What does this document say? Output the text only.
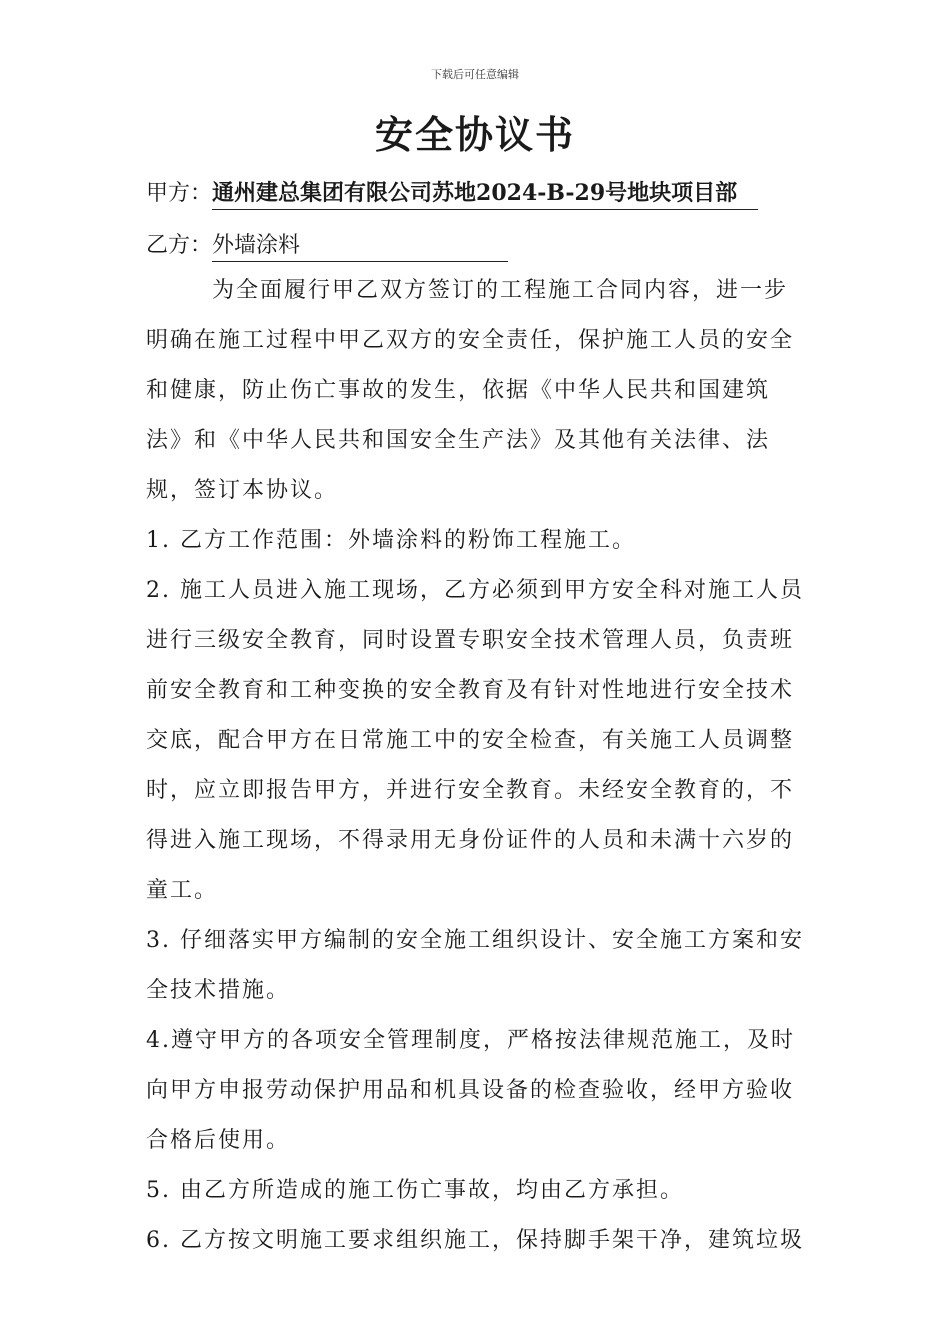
下载后可任意编辑
安全协议书
甲方：通州建总集团有限公司苏地2024-B-29号地块项目部
乙方：外墙涂料

为全面履行甲乙双方签订的工程施工合同内容，进一步明确在施工过程中甲乙双方的安全责任，保护施工人员的安全和健康，防止伤亡事故的发生，依据《中华人民共和国建筑法》和《中华人民共和国安全生产法》及其他有关法律、法规，签订本协议。

1. 乙方工作范围：外墙涂料的粉饰工程施工。

2. 施工人员进入施工现场，乙方必须到甲方安全科对施工人员进行三级安全教育，同时设置专职安全技术管理人员，负责班前安全教育和工种变换的安全教育及有针对性地进行安全技术交底，配合甲方在日常施工中的安全检查，有关施工人员调整时，应立即报告甲方，并进行安全教育。未经安全教育的，不得进入施工现场，不得录用无身份证件的人员和未满十六岁的童工。

3. 仔细落实甲方编制的安全施工组织设计、安全施工方案和安全技术措施。

4.遵守甲方的各项安全管理制度，严格按法律规范施工，及时向甲方申报劳动保护用品和机具设备的检查验收，经甲方验收合格后使用。

5. 由乙方所造成的施工伤亡事故，均由乙方承担。

6. 乙方按文明施工要求组织施工，保持脚手架干净，建筑垃圾
